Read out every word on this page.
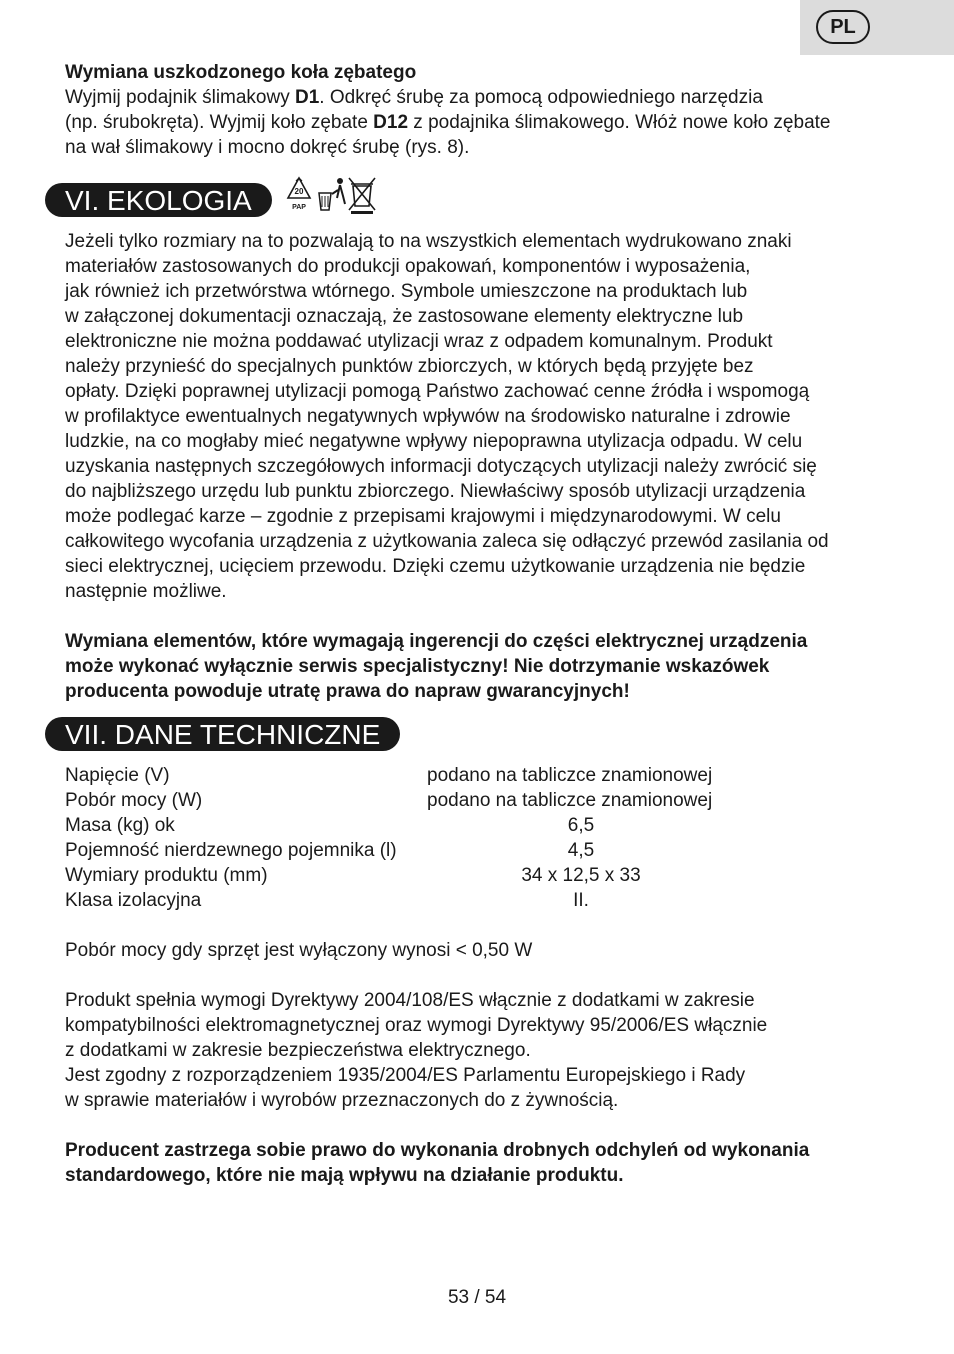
PL

Wymiana uszkodzonego koła zębatego

Wyjmij podajnik ślimakowy D1. Odkręć śrubę za pomocą odpowiedniego narzędzia

(np. śrubokręta). Wyjmij koło zębate D12 z podajnika ślimakowego. Włóż nowe koło zębate

na wał ślimakowy i mocno dokręć śrubę (rys. 8).

VI. EKOLOGIA	20
PAP

Jeżeli tylko rozmiary na to pozwalają to na wszystkich elementach wydrukowano znaki

materiałów zastosowanych do produkcji opakowań, komponentów i wyposażenia,

jak również ich przetwórstwa wtórnego. Symbole umieszczone na produktach lub

w załączonej dokumentacji oznaczają, że zastosowane elementy elektryczne lub

elektroniczne nie można poddawać utylizacji wraz z odpadem komunalnym. Produkt

należy przynieść do specjalnych punktów zbiorczych, w których będą przyjęte bez

opłaty. Dzięki poprawnej utylizacji pomogą Państwo zachować cenne źródła i wspomogą

w profilaktyce ewentualnych negatywnych wpływów na środowisko naturalne i zdrowie

ludzkie, na co mogłaby mieć negatywne wpływy niepoprawna utylizacja odpadu. W celu

uzyskania następnych szczegółowych informacji dotyczących utylizacji należy zwrócić się

do najbliższego urzędu lub punktu zbiorczego. Niewłaściwy sposób utylizacji urządzenia

może podlegać karze – zgodnie z przepisami krajowymi i międzynarodowymi. W celu

całkowitego wycofania urządzenia z użytkowania zaleca się odłączyć przewód zasilania od

sieci elektrycznej, ucięciem przewodu. Dzięki czemu użytkowanie urządzenia nie będzie

następnie możliwe.

Wymiana elementów, które wymagają ingerencji do części elektrycznej urządzenia

może wykonać wyłącznie serwis specjalistyczny! Nie dotrzymanie wskazówek

producenta powoduje utratę prawa do napraw gwarancyjnych!

VII. DANE TECHNICZNE
Napięcie (V)	podano na tabliczce znamionowej
Pobór mocy (W)	podano na tabliczce znamionowej
Masa (kg) ok	6,5
Pojemność nierdzewnego pojemnika (l)	4,5
Wymiary produktu (mm)	34 x 12,5 x 33
Klasa izolacyjna	II.

Pobór mocy gdy sprzęt jest wyłączony wynosi < 0,50 W

Produkt spełnia wymogi Dyrektywy 2004/108/ES włącznie z dodatkami w zakresie

kompatybilności elektromagnetycznej oraz wymogi Dyrektywy 95/2006/ES włącznie

z dodatkami w zakresie bezpieczeństwa elektrycznego.

Jest zgodny z rozporządzeniem 1935/2004/ES Parlamentu Europejskiego i Rady

w sprawie materiałów i wyrobów przeznaczonych do z żywnością.

Producent zastrzega sobie prawo do wykonania drobnych odchyleń od wykonania

standardowego, które nie mają wpływu na działanie produktu.

53 / 54
